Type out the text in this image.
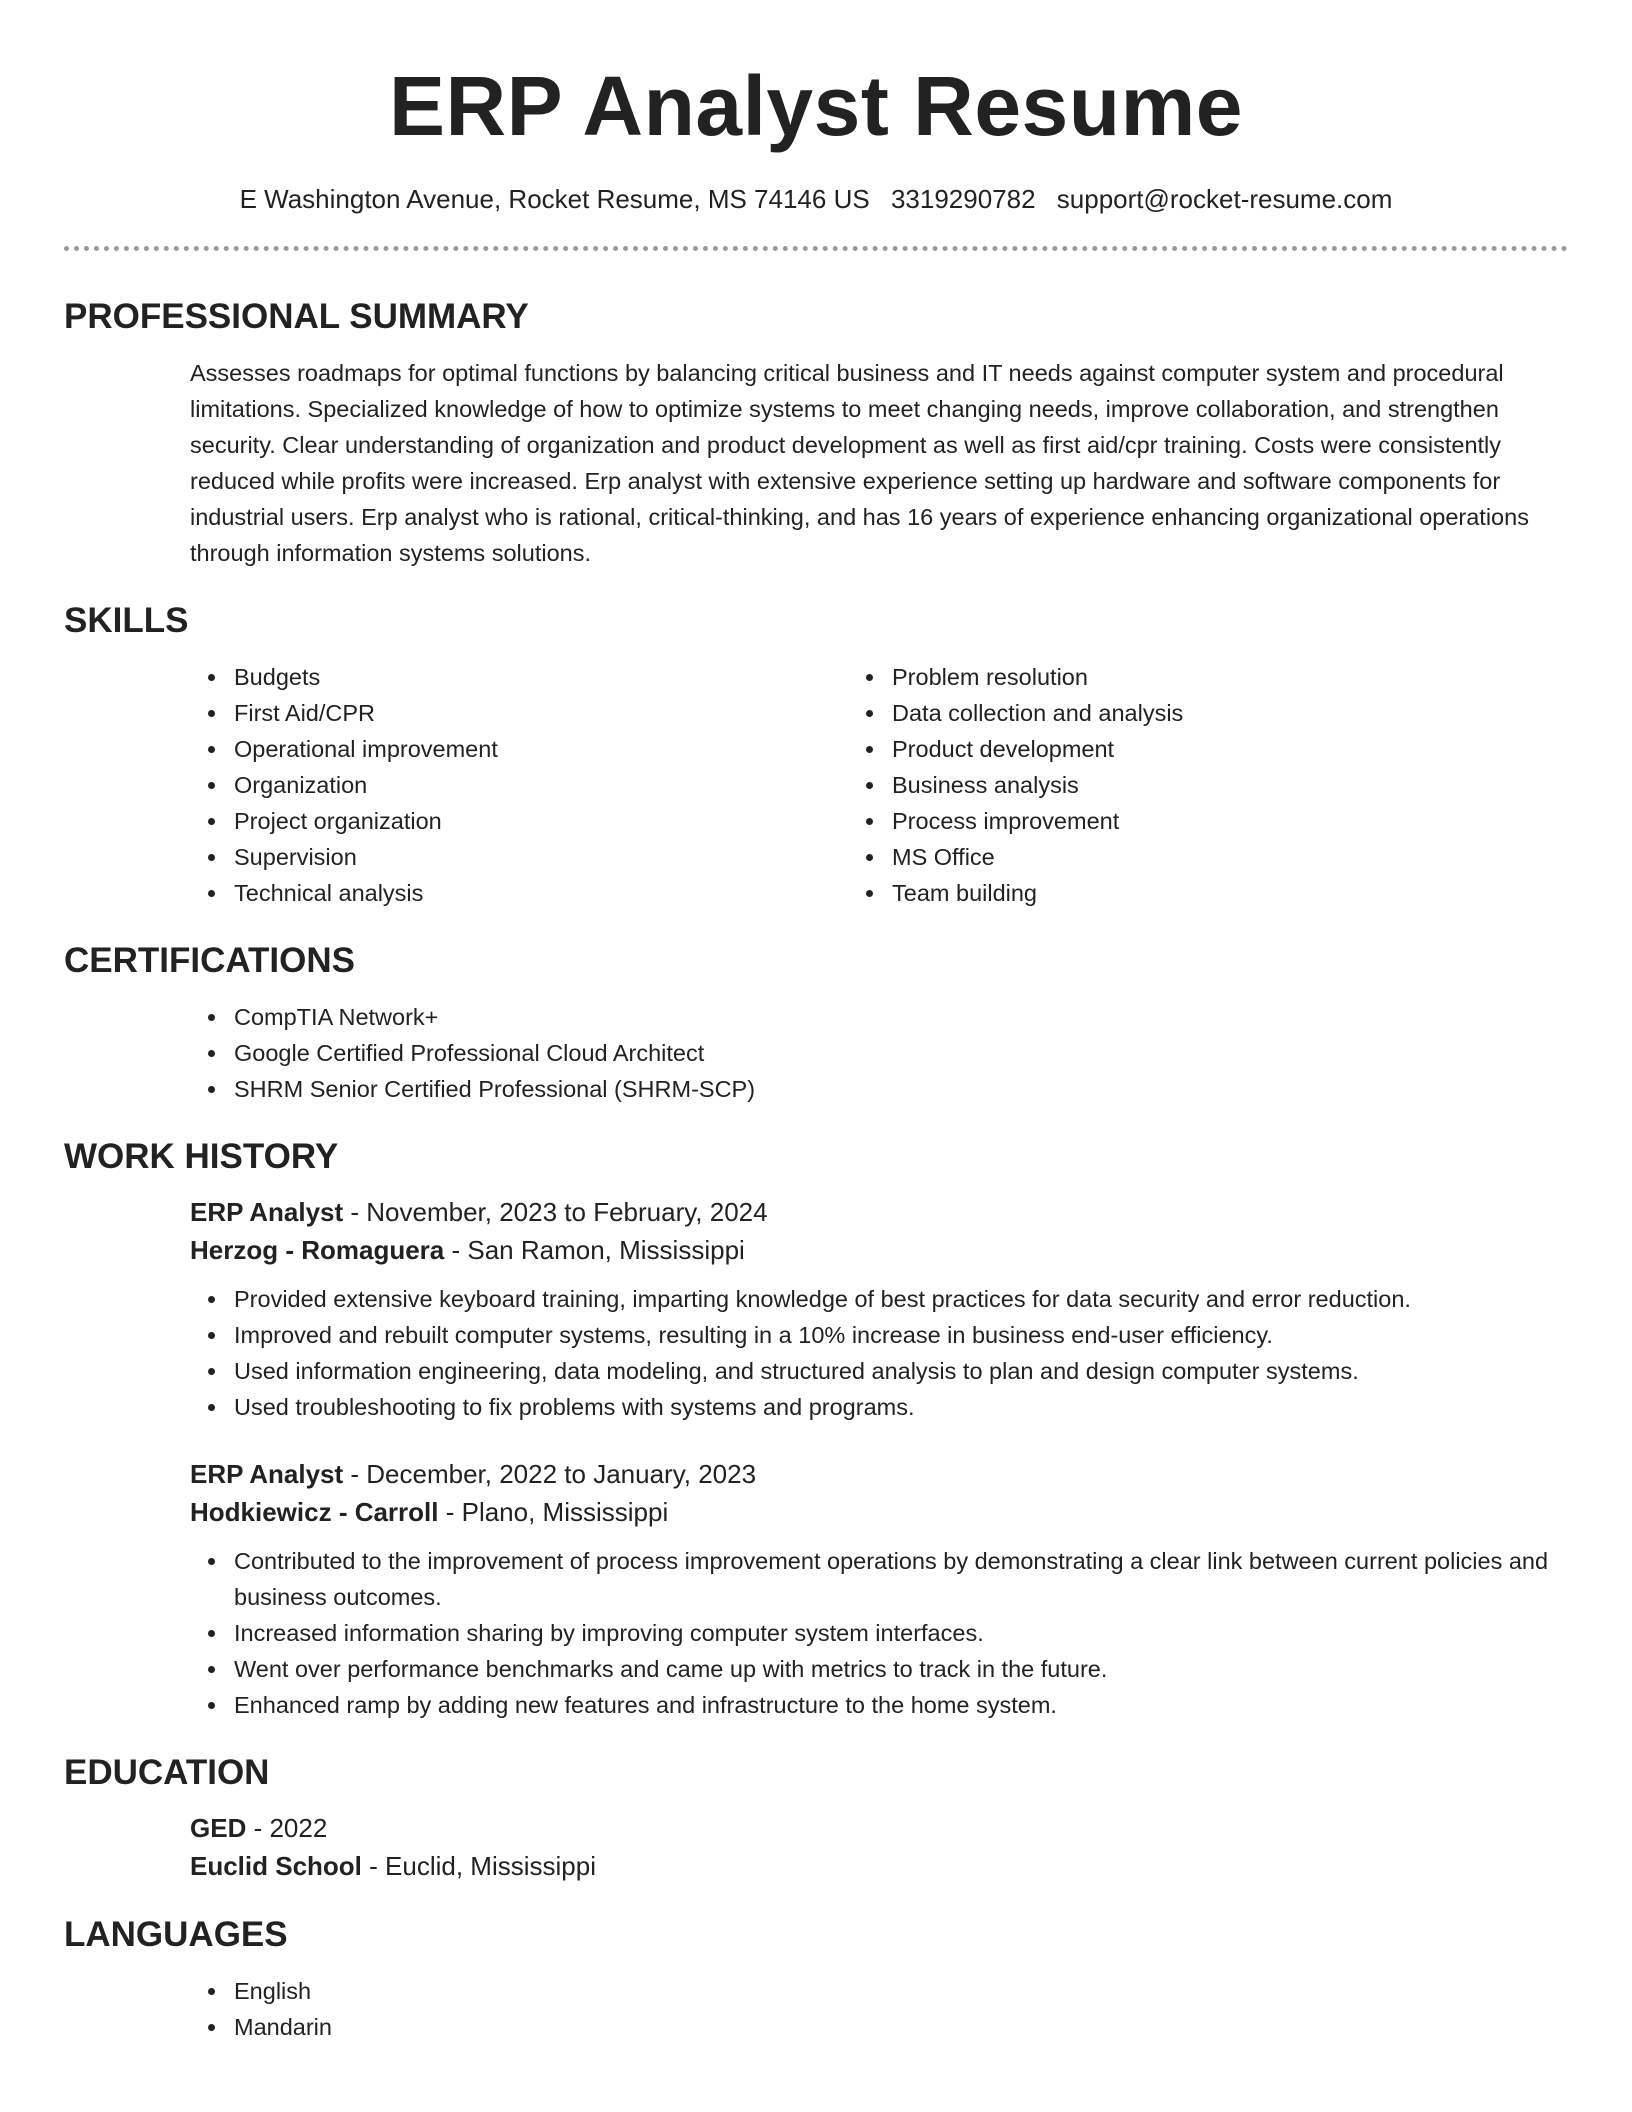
ERP Analyst Resume
E Washington Avenue, Rocket Resume, MS 74146 US 3319290782 support@rocket-resume.com
PROFESSIONAL SUMMARY
Assesses roadmaps for optimal functions by balancing critical business and IT needs against computer system and procedural limitations. Specialized knowledge of how to optimize systems to meet changing needs, improve collaboration, and strengthen security. Clear understanding of organization and product development as well as first aid/cpr training. Costs were consistently reduced while profits were increased. Erp analyst with extensive experience setting up hardware and software components for industrial users. Erp analyst who is rational, critical-thinking, and has 16 years of experience enhancing organizational operations through information systems solutions.
SKILLS
Budgets
First Aid/CPR
Operational improvement
Organization
Project organization
Supervision
Technical analysis
Problem resolution
Data collection and analysis
Product development
Business analysis
Process improvement
MS Office
Team building
CERTIFICATIONS
CompTIA Network+
Google Certified Professional Cloud Architect
SHRM Senior Certified Professional (SHRM-SCP)
WORK HISTORY
ERP Analyst - November, 2023 to February, 2024
Herzog - Romaguera - San Ramon, Mississippi
Provided extensive keyboard training, imparting knowledge of best practices for data security and error reduction.
Improved and rebuilt computer systems, resulting in a 10% increase in business end-user efficiency.
Used information engineering, data modeling, and structured analysis to plan and design computer systems.
Used troubleshooting to fix problems with systems and programs.
ERP Analyst - December, 2022 to January, 2023
Hodkiewicz - Carroll - Plano, Mississippi
Contributed to the improvement of process improvement operations by demonstrating a clear link between current policies and business outcomes.
Increased information sharing by improving computer system interfaces.
Went over performance benchmarks and came up with metrics to track in the future.
Enhanced ramp by adding new features and infrastructure to the home system.
EDUCATION
GED - 2022
Euclid School - Euclid, Mississippi
LANGUAGES
English
Mandarin
